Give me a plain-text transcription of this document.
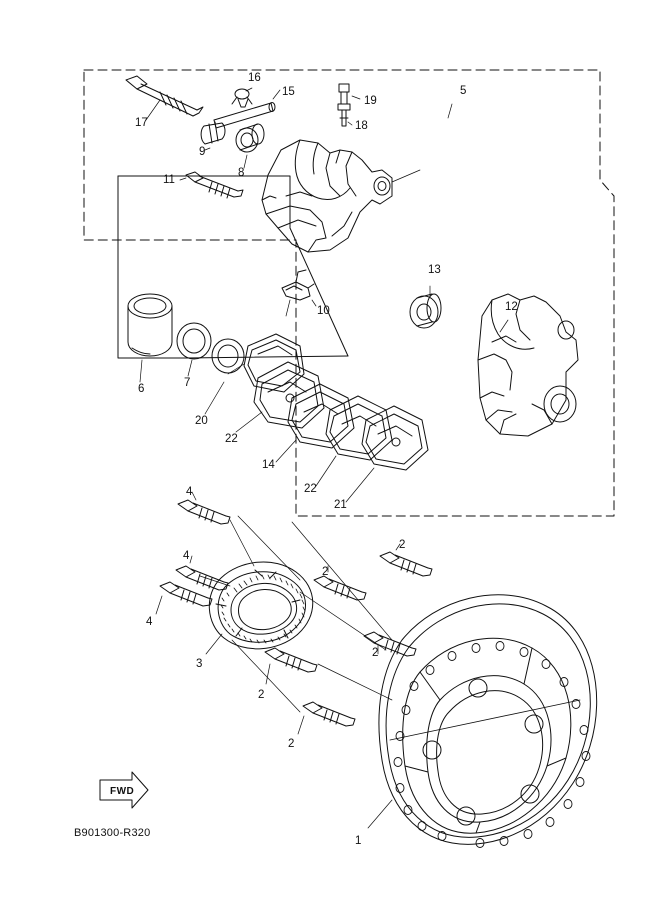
1
2
2
2
2
2
3
4
4
4
5
6	7
8
9
10
11
12
13
14
15
16
17	18
19
20
21
22
22
FWD
B901300-R320
